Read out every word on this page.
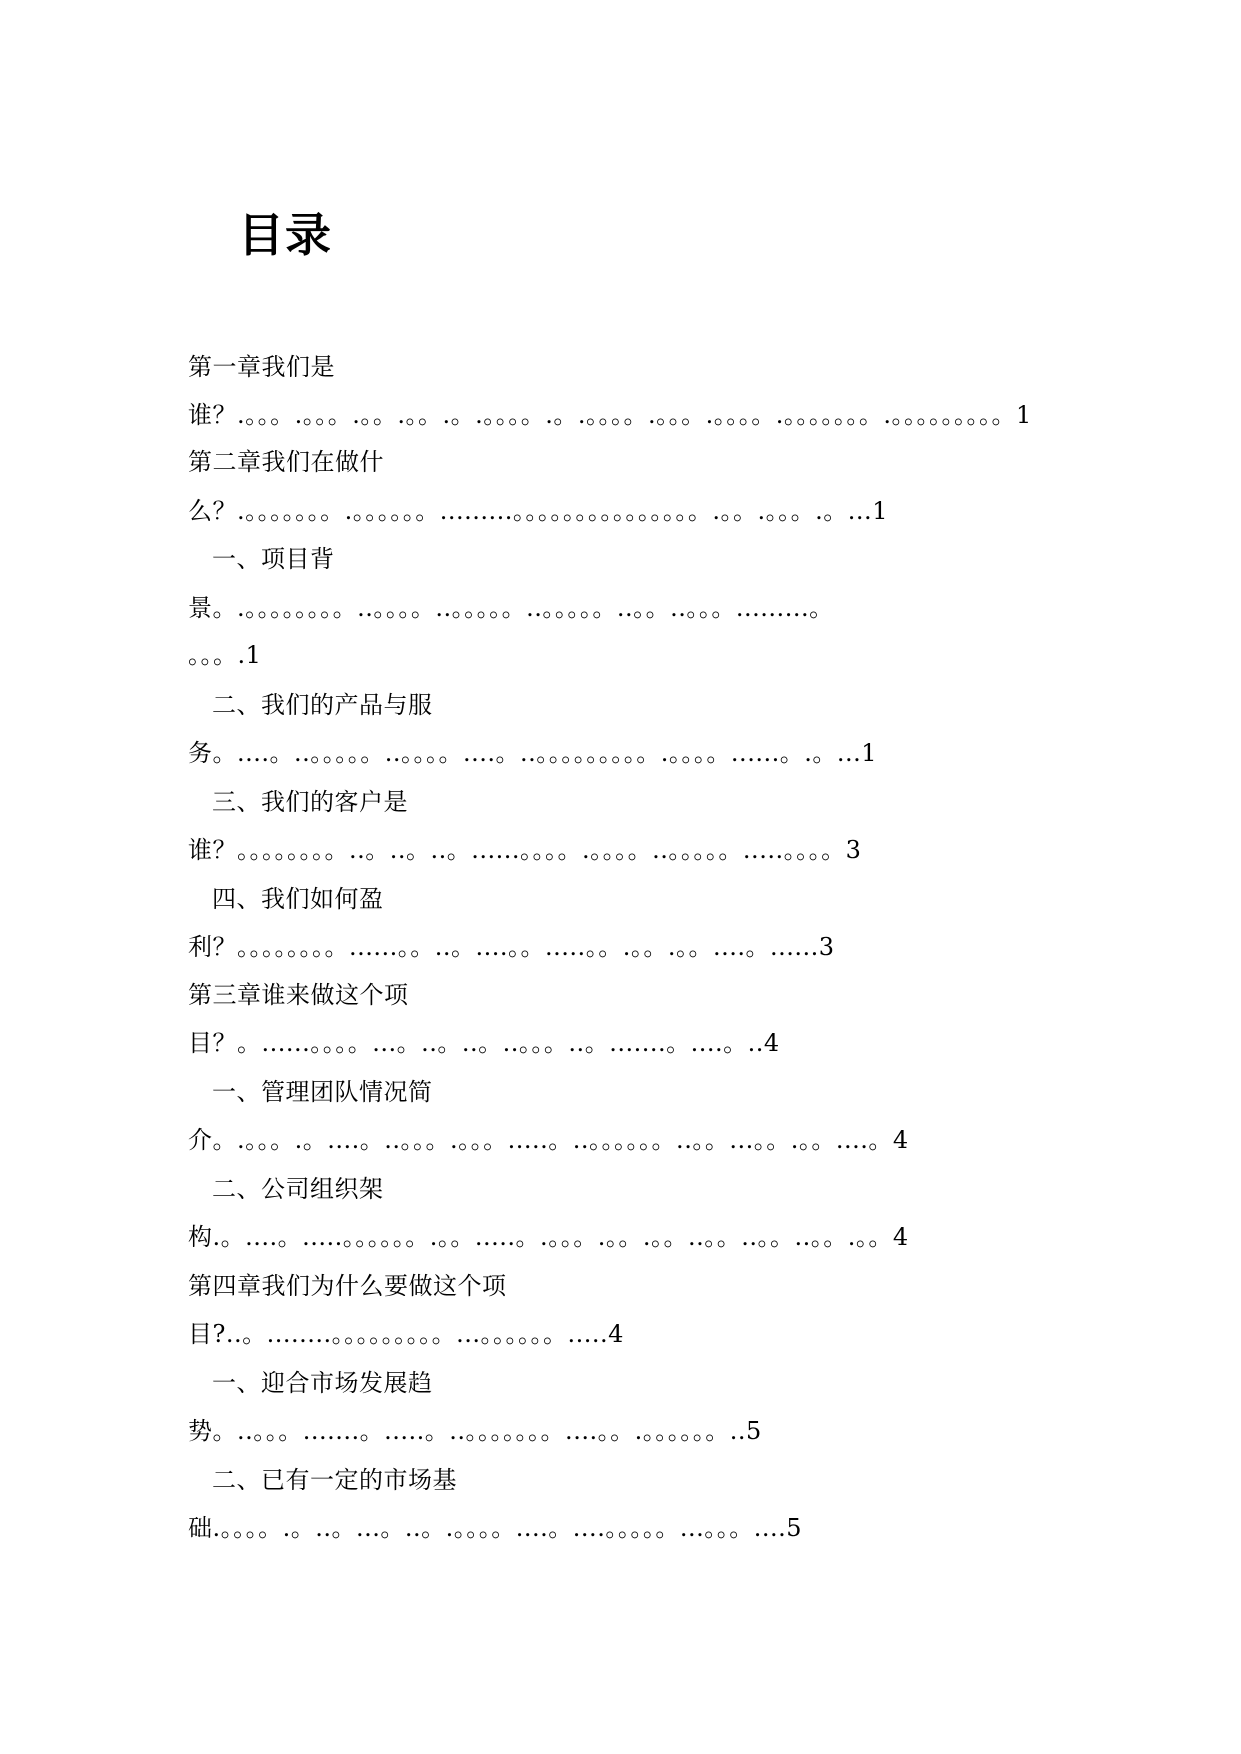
目录
第一章我们是
谁？.。。。.。。。.。。.。。.。.。。。。.。.。。。。.。。。.。。。。.。。。。。。。.。。。。。。。。。1
第二章我们在做什
么？.。。。。。。。.。。。。。。.........。。。。。。。。。。。。。。。.。。.。。。.。...1
一、项目背
景。.。。。。。。。。..。。。。..。。。。。..。。。。。..。。..。。。.........。
。。。.1
二、我们的产品与服
务。....。..。。。。。..。。。。....。..。。。。。。。。。.。。。。......。.。...1
三、我们的客户是
谁？。。。。。。。。..。..。..。......。。。。.。。。。..。。。。。.....。。。。3
四、我们如何盈
利？。。。。。。。。......。。..。....。。.....。。.。。.。。....。......3
第三章谁来做这个项
目？。......。。。。...。..。..。..。。。..。.......。....。..4
一、管理团队情况简
介。.。。。.。....。..。。。.。。。.....。..。。。。。。..。。...。。.。。....。4
二、公司组织架
构.。....。.....。。。。。。.。。.....。.。。。.。。.。。..。。..。。..。。.。。4
第四章我们为什么要做这个项
目?..。........。。。。。。。。。...。。。。。。.....4
一、迎合市场发展趋
势。..。。。.......。.....。..。。。。。。。....。。.。。。。。。..5
二、已有一定的市场基
础.。。。。.。..。...。..。.。。。。....。....。。。。。...。。。....5
